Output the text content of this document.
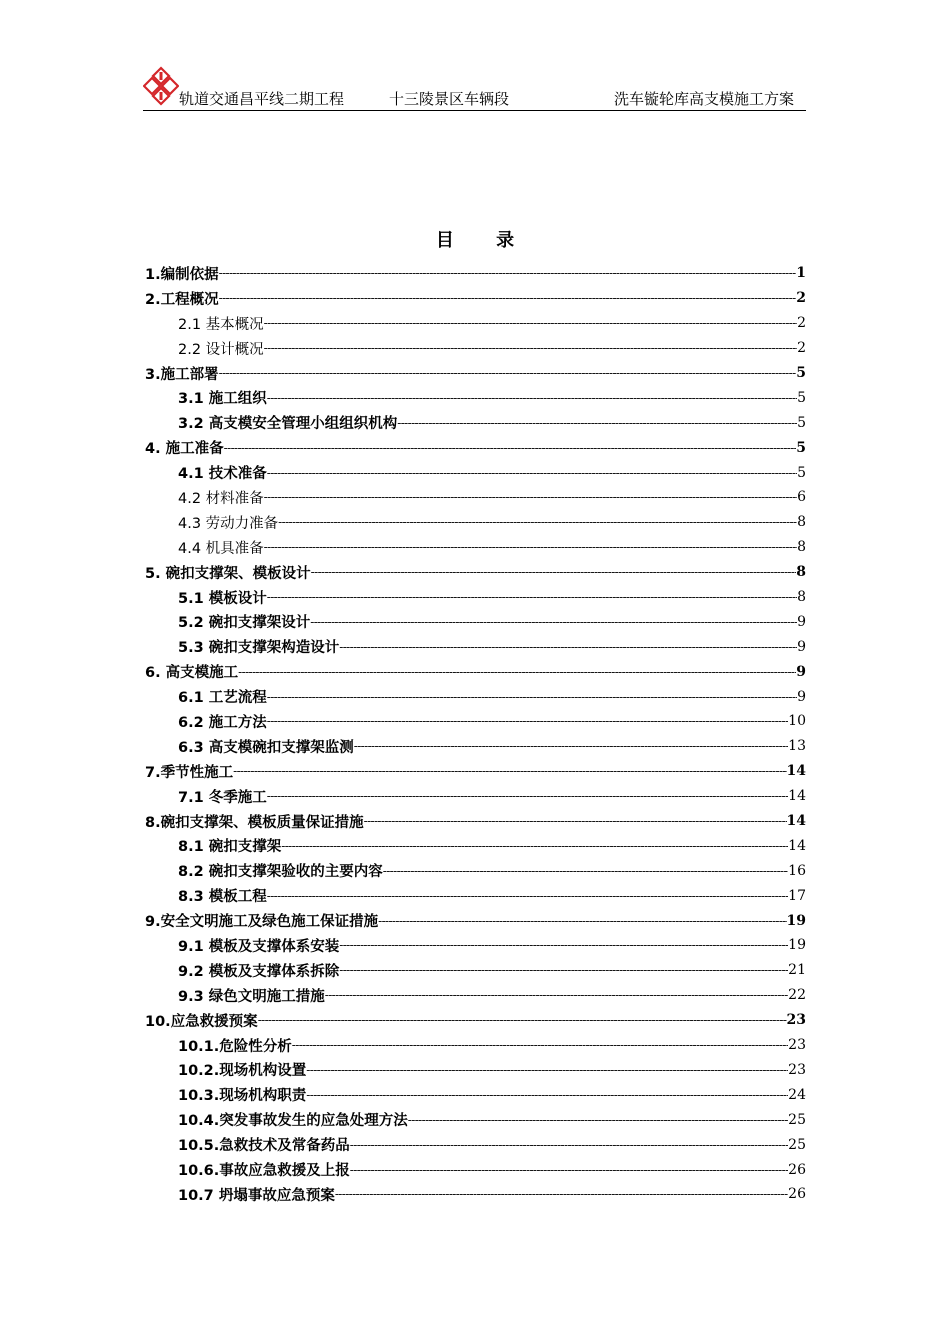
轨道交通昌平线二期工程	十三陵景区车辆段	洗车镟轮库高支模施工方案
目 录
1.编制依据 -----	1
2.工程概况 -----	2
2.1 基本概况 -----	2
2.2 设计概况 -----	2
3.施工部署 -----	5
3.1 施工组织 -----	5
3.2 高支模安全管理小组组织机构 -----	5
4. 施工准备 -----	5
4.1 技术准备 -----	5
4.2 材料准备 -----	6
4.3 劳动力准备 -----	8
4.4 机具准备 -----	8
5. 碗扣支撑架、模板设计 -----	8
5.1 模板设计 -----	8
5.2 碗扣支撑架设计 -----	9
5.3 碗扣支撑架构造设计 -----	9
6. 高支模施工 -----	9
6.1 工艺流程 -----	9
6.2 施工方法 -----	10
6.3 高支模碗扣支撑架监测 -----	13
7.季节性施工 -----	14
7.1 冬季施工 -----	14
8.碗扣支撑架、模板质量保证措施 -----	14
8.1 碗扣支撑架 -----	14
8.2 碗扣支撑架验收的主要内容 -----	16
8.3 模板工程 -----	17
9.安全文明施工及绿色施工保证措施 -----	19
9.1 模板及支撑体系安装 -----	19
9.2 模板及支撑体系拆除 -----	21
9.3 绿色文明施工措施 -----	22
10.应急救援预案 -----	23
10.1.危险性分析 -----	23
10.2.现场机构设置 -----	23
10.3.现场机构职责 -----	24
10.4.突发事故发生的应急处理方法 -----	25
10.5.急救技术及常备药品 -----	25
10.6.事故应急救援及上报 -----	26
10.7 坍塌事故应急预案 -----	26
